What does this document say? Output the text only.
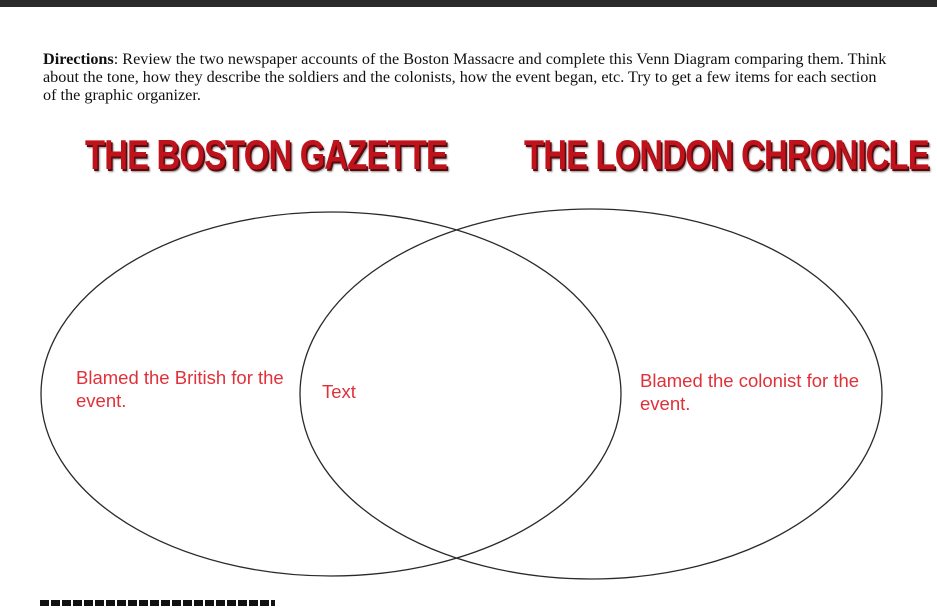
Directions: Review the two newspaper accounts of the Boston Massacre and complete this Venn Diagram comparing them. Think about the tone, how they describe the soldiers and the colonists, how the event began, etc. Try to get a few items for each section of the graphic organizer.
THE BOSTON GAZETTE THE LONDON CHRONICLE
Blamed the British for the event.	Text
Blamed the colonist for the event.
